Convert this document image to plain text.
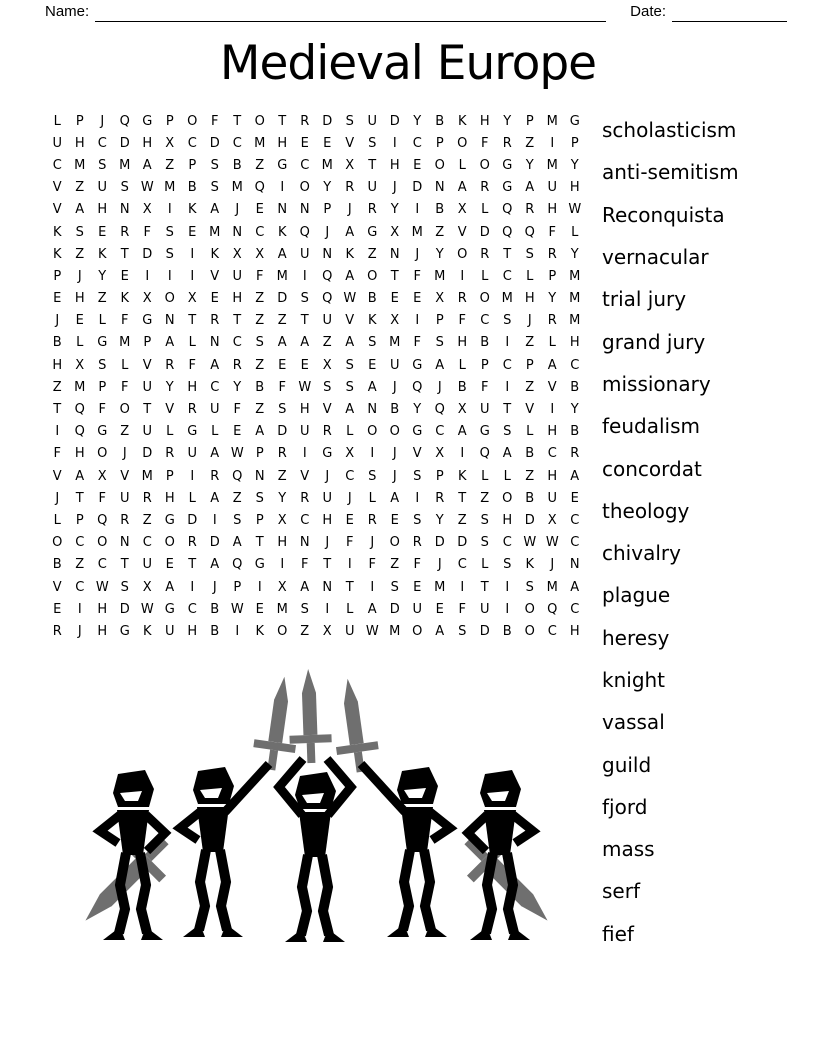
Name:	Date:
Medieval Europe
L	P	J	Q G	P	O	F	T	O	T	R D	S	U D	Y	B	K	H	Y	P M G
U H	C D H	X	C D C M H	E	E	V	S	I	C	P	O	F	R	Z	I	P
C M S M A	Z	P	S	B	Z	G C M X	T	H	E	O	L	O G	Y M Y
V	Z	U	S W M B	S M Q	I	O	Y	R	U	J	D N	A	R G	A	U H
V	A	H N	X	I	K	A	J	E	N N	P	J	R	Y	I	B	X	L	Q R	H W
K	S	E	R	F	S	E M N	C	K	Q	J	A	G	X M Z	V	D Q Q	F	L
K	Z	K	T	D	S	I	K	X	X	A	U N	K	Z	N	J	Y	O R	T	S	R	Y
P	J	Y	E	I	I	I	V	U	F	M	I	Q A O	T	F	M	I	L	C	L	P M
E	H	Z	K	X O X	E	H	Z	D	S	Q W B	E	E	X	R O M H	Y M
J	E	L	F	G N	T	R	T	Z	Z	T	U	V	K	X	I	P	F	C	S	J	R M
B	L	G M P	A	L	N	C	S	A	A	Z	A	S M	F	S	H	B	I	Z	L	H
H	X	S	L	V	R	F	A	R	Z	E	E	X	S	E	U G	A	L	P	C	P	A	C
Z M P	F	U	Y	H	C	Y	B	F W S	S	A	J	Q	J	B	F	I	Z	V	B
T	Q	F	O	T	V	R	U	F	Z	S	H	V	A	N	B	Y	Q X	U	T	V	I	Y
I	Q G	Z	U	L	G	L	E	A	D U	R	L	O O G C	A	G	S	L	H	B
F	H O	J	D R	U	A W P	R	I	G	X	I	J	V	X	I	Q A	B	C	R
V	A	X	V M P	I	R Q N	Z	V	J	C	S	J	S	P	K	L	L	Z	H	A
J	T	F	U	R	H	L	A	Z	S	Y	R	U	J	L	A	I	R	T	Z O B	U	E
L	P	Q R	Z	G D	I	S	P	X	C	H	E	R	E	S	Y	Z	S	H D	X	C
O C O N	C O R D	A	T	H N	J	F	J	O R D D	S	C W W C
B	Z	C	T	U	E	T	A Q G	I	F	T	I	F	Z	F	J	C	L	S	K	J	N
V	C W S	X	A	I	J	P	I	X	A	N	T	I	S	E M	I	T	I	S M A
E	I	H D W G C	B W E M S	I	L	A	D U	E	F	U	I	O Q C
R	J	H G	K	U H	B	I	K	O Z	X	U W M O A	S	D	B O C	H
scholasticism
anti-semitism
Reconquista
vernacular
trial jury
grand jury
missionary
feudalism
concordat
theology
chivalry
plague
heresy
knight
vassal
guild
fjord
mass
serf
fief
